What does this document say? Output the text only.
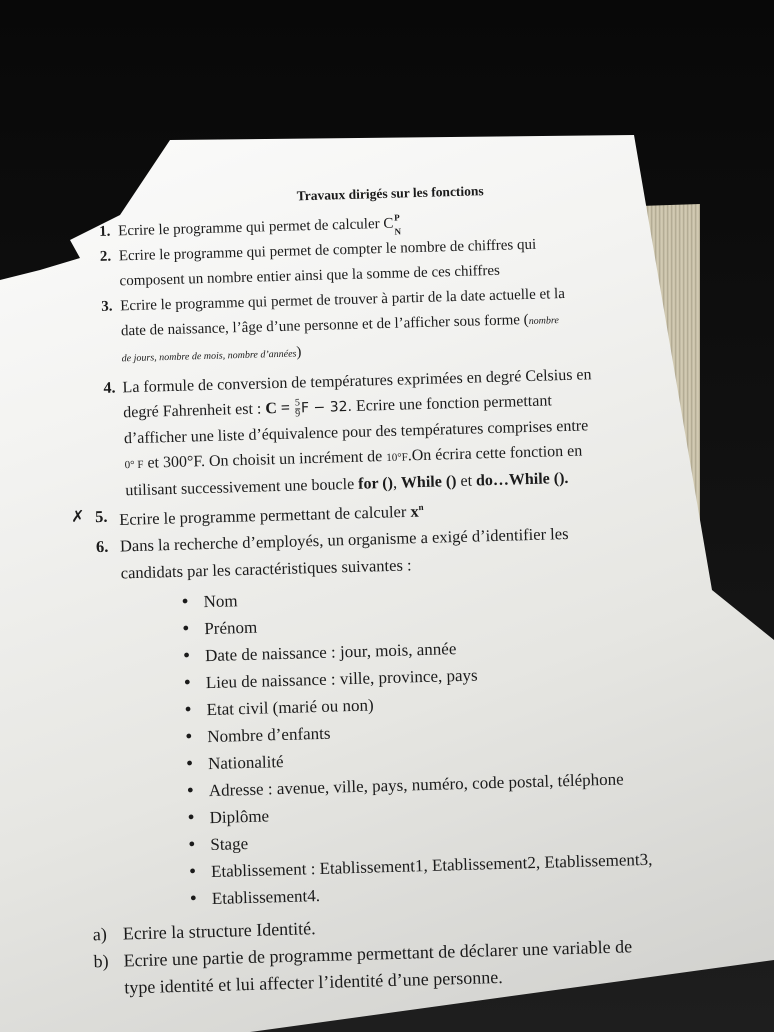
Travaux dirigés sur les fonctions
1. Ecrire le programme qui permet de calculer C P
N
2. Ecrire le programme qui permet de compter le nombre de chiffres qui
composent un nombre entier ainsi que la somme de ces chiffres
3. Ecrire le programme qui permet de trouver à partir de la date actuelle et la
date de naissance, l’âge d’une personne et de l’afficher sous forme (nombre
de jours, nombre de mois, nombre d’années)
4. La formule de conversion de températures exprimées en degré Celsius en
degré Fahrenheit est : $C = \frac{5}{9}$ F − 32. Ecrire une fonction permettant
d’afficher une liste d’équivalence pour des températures comprises entre
0° F et 300°F. On choisit un incrément de 10°F.On écrira cette fonction en
utilisant successivement une boucle for (), While () et do…While ().
✗ 5. Ecrire le programme permettant de calculer $x^n$
6. Dans la recherche d’employés, un organisme a exigé d’identifier les
candidats par les caractéristiques suivantes :
• Nom
• Prénom
• Date de naissance : jour, mois, année
• Lieu de naissance : ville, province, pays
• Etat civil (marié ou non)
• Nombre d’enfants
• Nationalité
• Adresse : avenue, ville, pays, numéro, code postal, téléphone
• Diplôme
• Stage
• Etablissement : Etablissement1, Etablissement2, Etablissement3,
• Etablissement4.
a) Ecrire la structure Identité.
b) Ecrire une partie de programme permettant de déclarer une variable de
type identité et lui affecter l’identité d’une personne.
